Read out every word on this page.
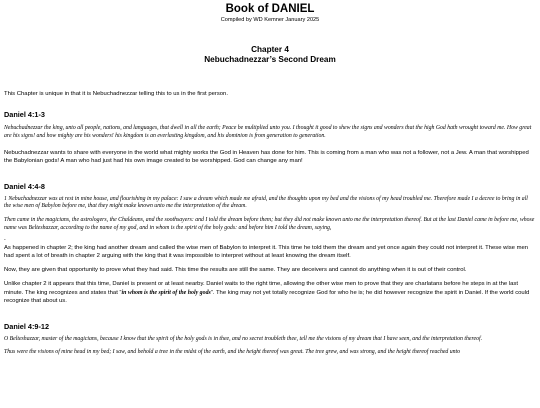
Book of DANIEL
Compiled by WD Kemner January 2025
Chapter 4
Nebuchadnezzar’s Second Dream

This Chapter is unique in that it is Nebuchadnezzar telling this to us in the first person.

Daniel 4:1-3

Nebuchadnezzar the king, unto all people, nations, and languages, that dwell in all the earth; Peace be multiplied unto you. I thought it good to shew the signs and wonders that the high God hath wrought toward me. How great are his signs! and how mighty are his wonders! his kingdom is an everlasting kingdom, and his dominion is from generation to generation.

Nebuchadnezzar wants to share with everyone in the world what mighty works the God in Heaven has done for him. This is coming from a man who was not a follower, not a Jew. A man that worshipped the Babylonian gods! A man who had just had his own image created to be worshipped. God can change any man!

Daniel 4:4-8

1 Nebuchadnezzar was at rest in mine house, and flourishing in my palace: I saw a dream which made me afraid, and the thoughts upon my bed and the visions of my head troubled me. Therefore made I a decree to bring in all the wise men of Babylon before me, that they might make known unto me the interpretation of the dream.

Then came in the magicians, the astrologers, the Chaldeans, and the soothsayers: and I told the dream before them; but they did not make known unto me the interpretation thereof. But at the last Daniel came in before me, whose name was Belteshazzar, according to the name of my god, and in whom is the spirit of the holy gods: and before him I told the dream, saying,

-

As happened in chapter 2; the king had another dream and called the wise men of Babylon to interpret it. This time he told them the dream and yet once again they could not interpret it. These wise men had spent a lot of breath in chapter 2 arguing with the king that it was impossible to interpret without at least knowing the dream itself.

Now, they are given that opportunity to prove what they had said. This time the results are still the same. They are deceivers and cannot do anything when it is out of their control.

Unlike chapter 2 it appears that this time, Daniel is present or at least nearby. Daniel waits to the right time, allowing the other wise men to prove that they are charlatans before he steps in at the last minute. The king recognizes and states that “in whom is the spirit of the holy gods”. The king may not yet totally recognize God for who he is; he did however recognize the spirit in Daniel. If the world could recognize that about us.

Daniel 4:9-12

O Belteshazzar, master of the magicians, because I know that the spirit of the holy gods is in thee, and no secret troubleth thee, tell me the visions of my dream that I have seen, and the interpretation thereof.

Thus were the visions of mine head in my bed; I saw, and behold a tree in the midst of the earth, and the height thereof was great. The tree grew, and was strong, and the height thereof reached unto
